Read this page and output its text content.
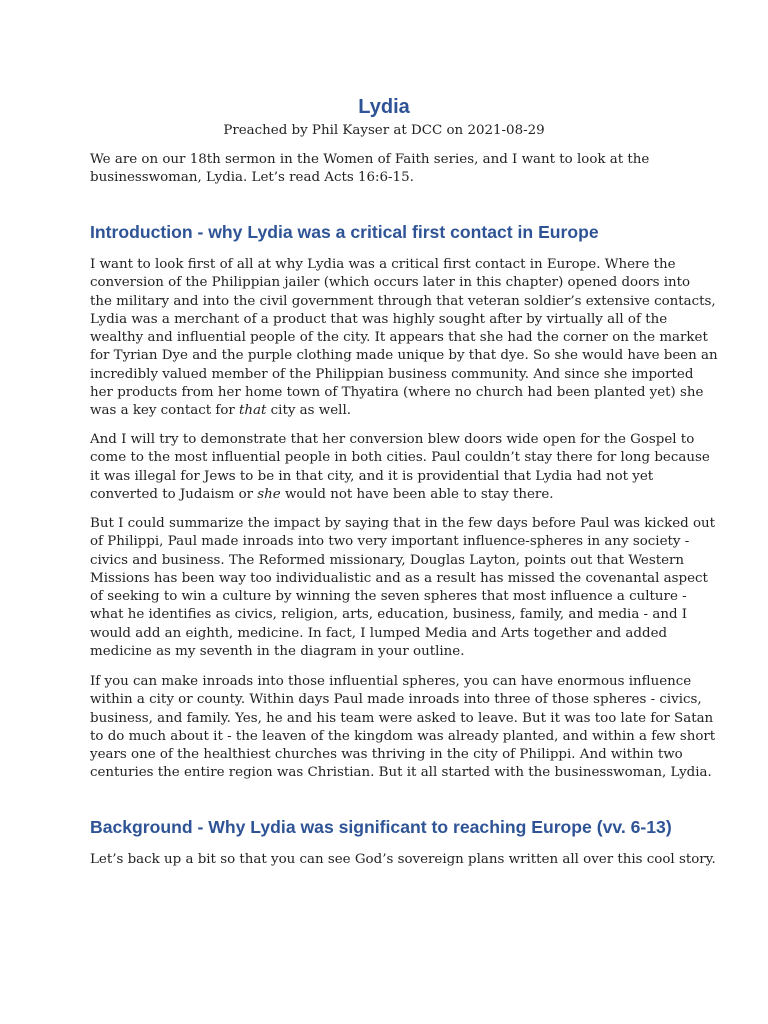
Lydia
Preached by Phil Kayser at DCC on 2021-08-29

We are on our 18th sermon in the Women of Faith series, and I want to look at the
businesswoman, Lydia. Let’s read Acts 16:6-15.

Introduction - why Lydia was a critical first contact in Europe

I want to look first of all at why Lydia was a critical first contact in Europe. Where the
conversion of the Philippian jailer (which occurs later in this chapter) opened doors into
the military and into the civil government through that veteran soldier’s extensive contacts,
Lydia was a merchant of a product that was highly sought after by virtually all of the
wealthy and influential people of the city. It appears that she had the corner on the market
for Tyrian Dye and the purple clothing made unique by that dye. So she would have been an
incredibly valued member of the Philippian business community. And since she imported
her products from her home town of Thyatira (where no church had been planted yet) she
was a key contact for that city as well.

And I will try to demonstrate that her conversion blew doors wide open for the Gospel to
come to the most influential people in both cities. Paul couldn’t stay there for long because
it was illegal for Jews to be in that city, and it is providential that Lydia had not yet
converted to Judaism or she would not have been able to stay there.

But I could summarize the impact by saying that in the few days before Paul was kicked out
of Philippi, Paul made inroads into two very important influence-spheres in any society -
civics and business. The Reformed missionary, Douglas Layton, points out that Western
Missions has been way too individualistic and as a result has missed the covenantal aspect
of seeking to win a culture by winning the seven spheres that most influence a culture -
what he identifies as civics, religion, arts, education, business, family, and media - and I
would add an eighth, medicine. In fact, I lumped Media and Arts together and added
medicine as my seventh in the diagram in your outline.

If you can make inroads into those influential spheres, you can have enormous influence
within a city or county. Within days Paul made inroads into three of those spheres - civics,
business, and family. Yes, he and his team were asked to leave. But it was too late for Satan
to do much about it - the leaven of the kingdom was already planted, and within a few short
years one of the healthiest churches was thriving in the city of Philippi. And within two
centuries the entire region was Christian. But it all started with the businesswoman, Lydia.

Background - Why Lydia was significant to reaching Europe (vv. 6-13)

Let’s back up a bit so that you can see God’s sovereign plans written all over this cool story.
